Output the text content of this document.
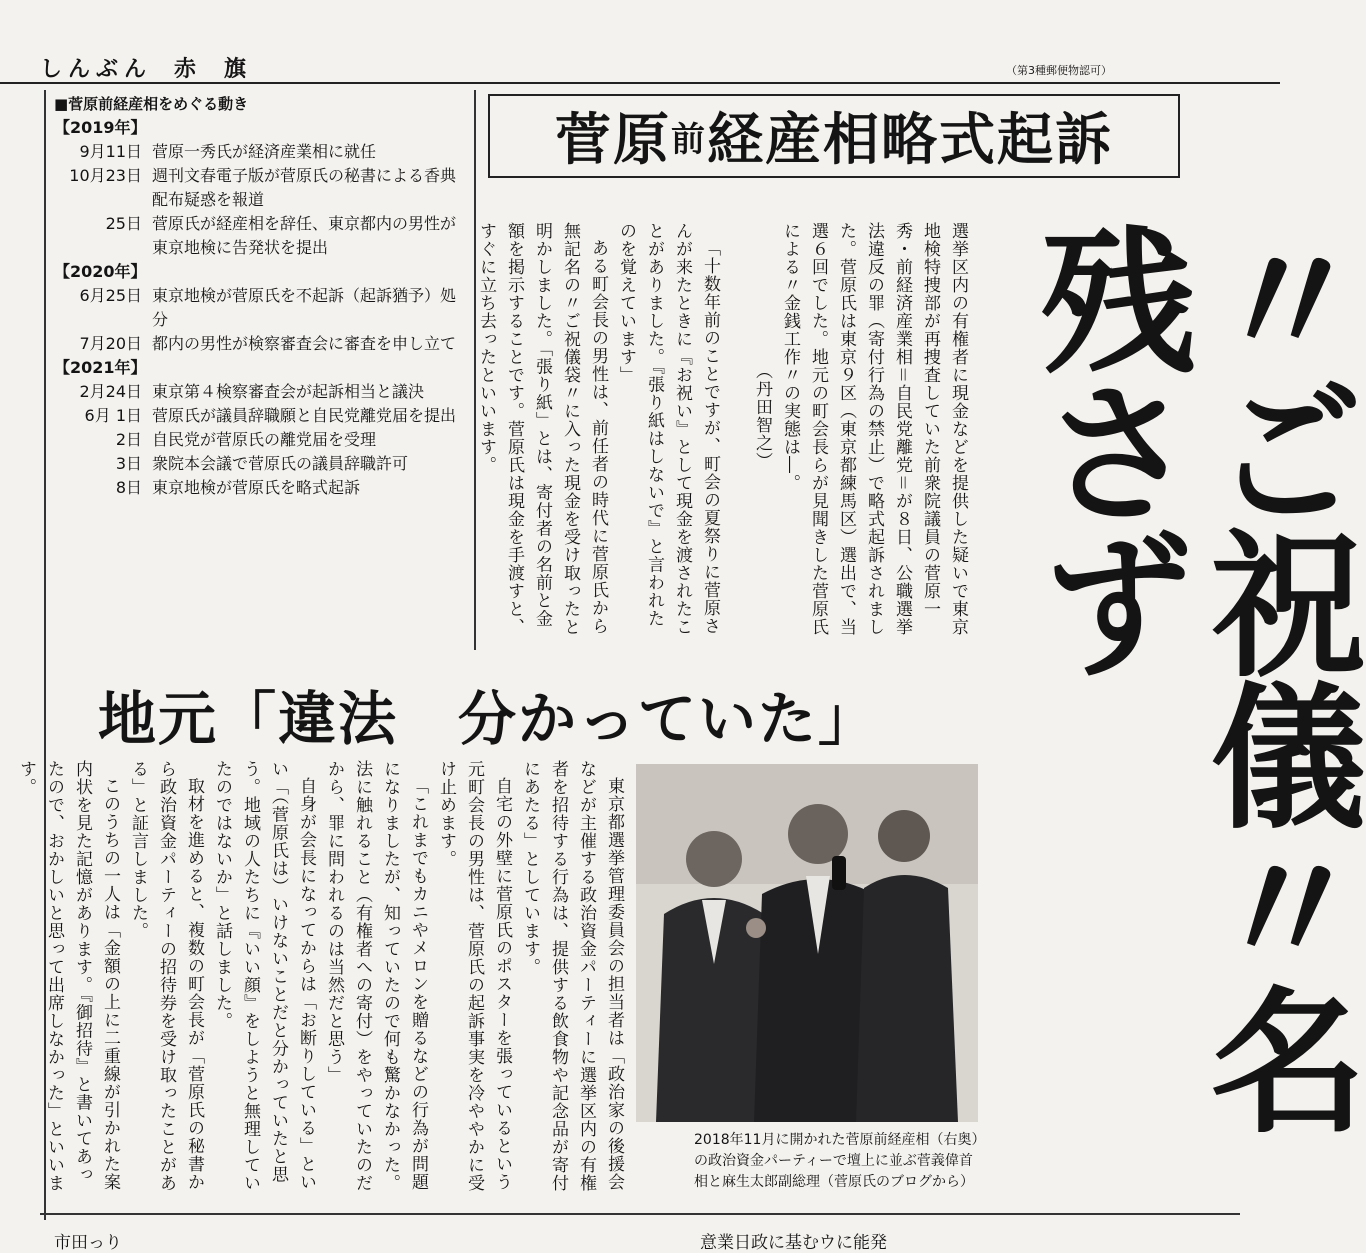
しんぶん 赤旗	（第3種郵便物認可）
■菅原前経産相をめぐる動き
【2019年】
9月11日 菅原一秀氏が経済産業相に就任
10月23日 週刊文春電子版が菅原氏の秘書による香典配布疑惑を報道
25日 菅原氏が経産相を辞任、東京都内の男性が東京地検に告発状を提出
【2020年】
6月25日 東京地検が菅原氏を不起訴（起訴猶予）処分
7月20日 都内の男性が検察審査会に審査を申し立て
【2021年】
2月24日 東京第４検察審査会が起訴相当と議決
6月 1日 菅原氏が議員辞職願と自民党離党届を提出
2日 自民党が菅原氏の離党届を受理
3日 衆院本会議で菅原氏の議員辞職許可
8日 東京地検が菅原氏を略式起訴
菅原 前 経産相略式起訴
〃ご祝儀〃名残さず
選挙区内の有権者に現金などを提供した疑いで東京地検特捜部が再捜査していた前衆院議員の菅原一秀・前経済産業相＝自民党離党＝が８日、公職選挙法違反の罪（寄付行為の禁止）で略式起訴されました。菅原氏は東京９区（東京都練馬区）選出で、当選６回でした。地元の町会長らが見聞きした菅原氏による〃金銭工作〃の実態は―。
（丹田智之）

「十数年前のことですが、町会の夏祭りに菅原さんが来たときに『お祝い』として現金を渡されたことがありました。『張り紙はしないで』と言われたのを覚えています」

ある町会長の男性は、前任者の時代に菅原氏から無記名の〃ご祝儀袋〃に入った現金を受け取ったと明かしました。「張り紙」とは、寄付者の名前と金額を掲示することです。菅原氏は現金を手渡すと、すぐに立ち去ったといいます。

地元「違法　分かっていた」

東京都選挙管理委員会の担当者は「政治家の後援会などが主催する政治資金パーティーに選挙区内の有権者を招待する行為は、提供する飲食物や記念品が寄付にあたる」としています。

自宅の外壁に菅原氏のポスターを張っているという元町会長の男性は、菅原氏の起訴事実を冷ややかに受け止めます。

「これまでもカニやメロンを贈るなどの行為が問題になりましたが、知っていたので何も驚かなかった。法に触れること（有権者への寄付）をやっていたのだから、罪に問われるのは当然だと思う」

自身が会長になってからは「お断りしている」といい「（菅原氏は）いけないことだと分かっていたと思う。地域の人たちに『いい顔』をしようと無理していたのではないか」と話しました。

取材を進めると、複数の町会長が「菅原氏の秘書から政治資金パーティーの招待券を受け取ったことがある」と証言しました。

このうちの一人は「金額の上に二重線が引かれた案内状を見た記憶があります。『御招待』と書いてあったので、おかしいと思って出席しなかった」といいます。

2018年11月に開かれた菅原前経産相（右奥）の政治資金パーティーで壇上に並ぶ菅義偉首相と麻生太郎副総理（菅原氏のブログから）
市田っり	意業日政に基むウに能発
